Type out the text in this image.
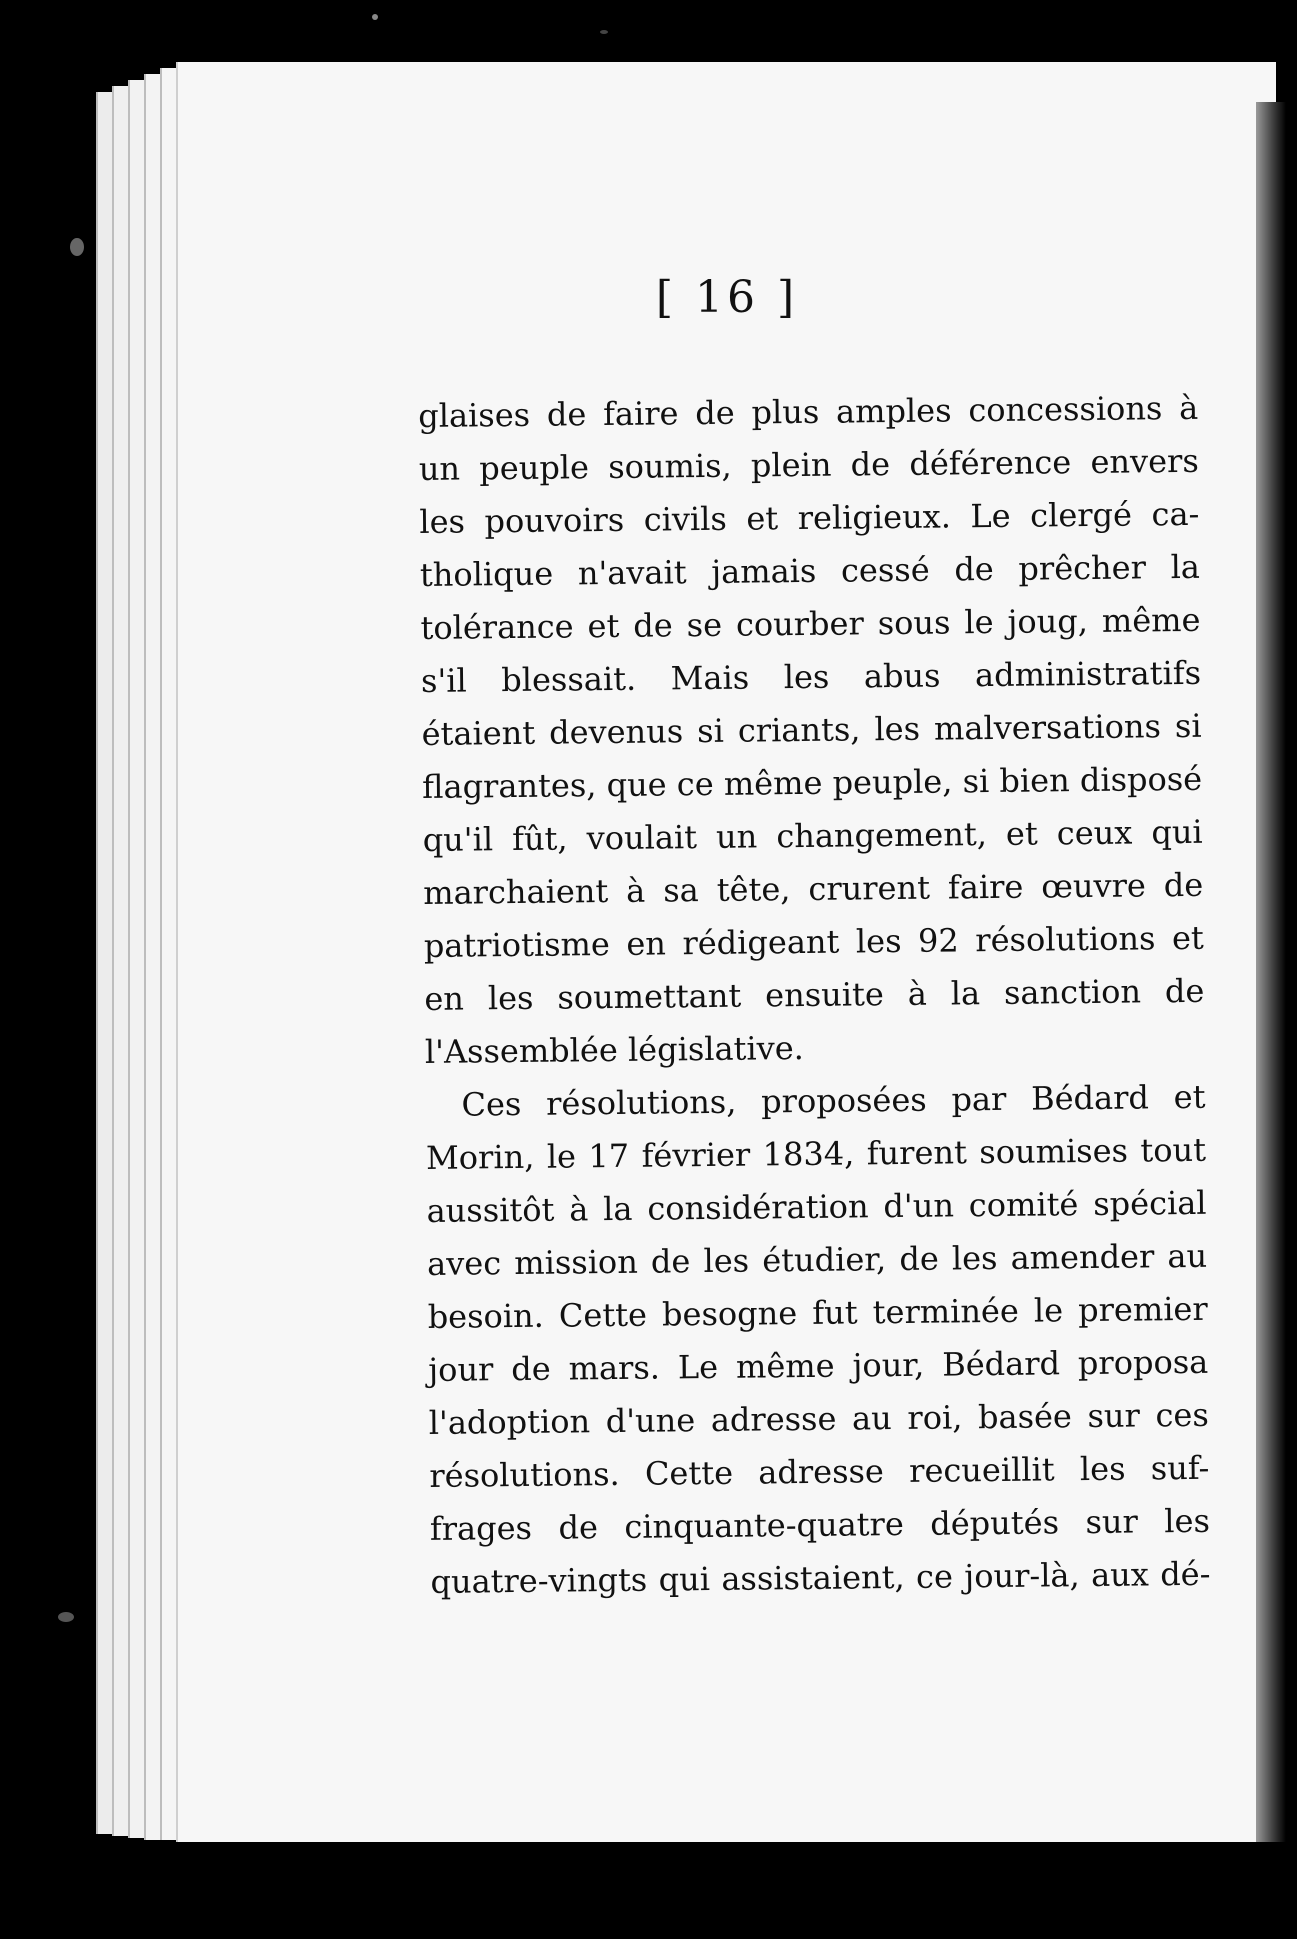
[ 16 ]
glaises de faire de plus amples concessions à
un peuple soumis, plein de déférence envers
les pouvoirs civils et religieux. Le clergé ca-
tholique n'avait jamais cessé de prêcher la
tolérance et de se courber sous le joug, même
s'il blessait. Mais les abus administratifs
étaient devenus si criants, les malversations si
flagrantes, que ce même peuple, si bien disposé
qu'il fût, voulait un changement, et ceux qui
marchaient à sa tête, crurent faire œuvre de
patriotisme en rédigeant les 92 résolutions et
en les soumettant ensuite à la sanction de
l'Assemblée législative.
Ces résolutions, proposées par Bédard et
Morin, le 17 février 1834, furent soumises tout
aussitôt à la considération d'un comité spécial
avec mission de les étudier, de les amender au
besoin. Cette besogne fut terminée le premier
jour de mars. Le même jour, Bédard proposa
l'adoption d'une adresse au roi, basée sur ces
résolutions. Cette adresse recueillit les suf-
frages de cinquante-quatre députés sur les
quatre-vingts qui assistaient, ce jour-là, aux dé-
